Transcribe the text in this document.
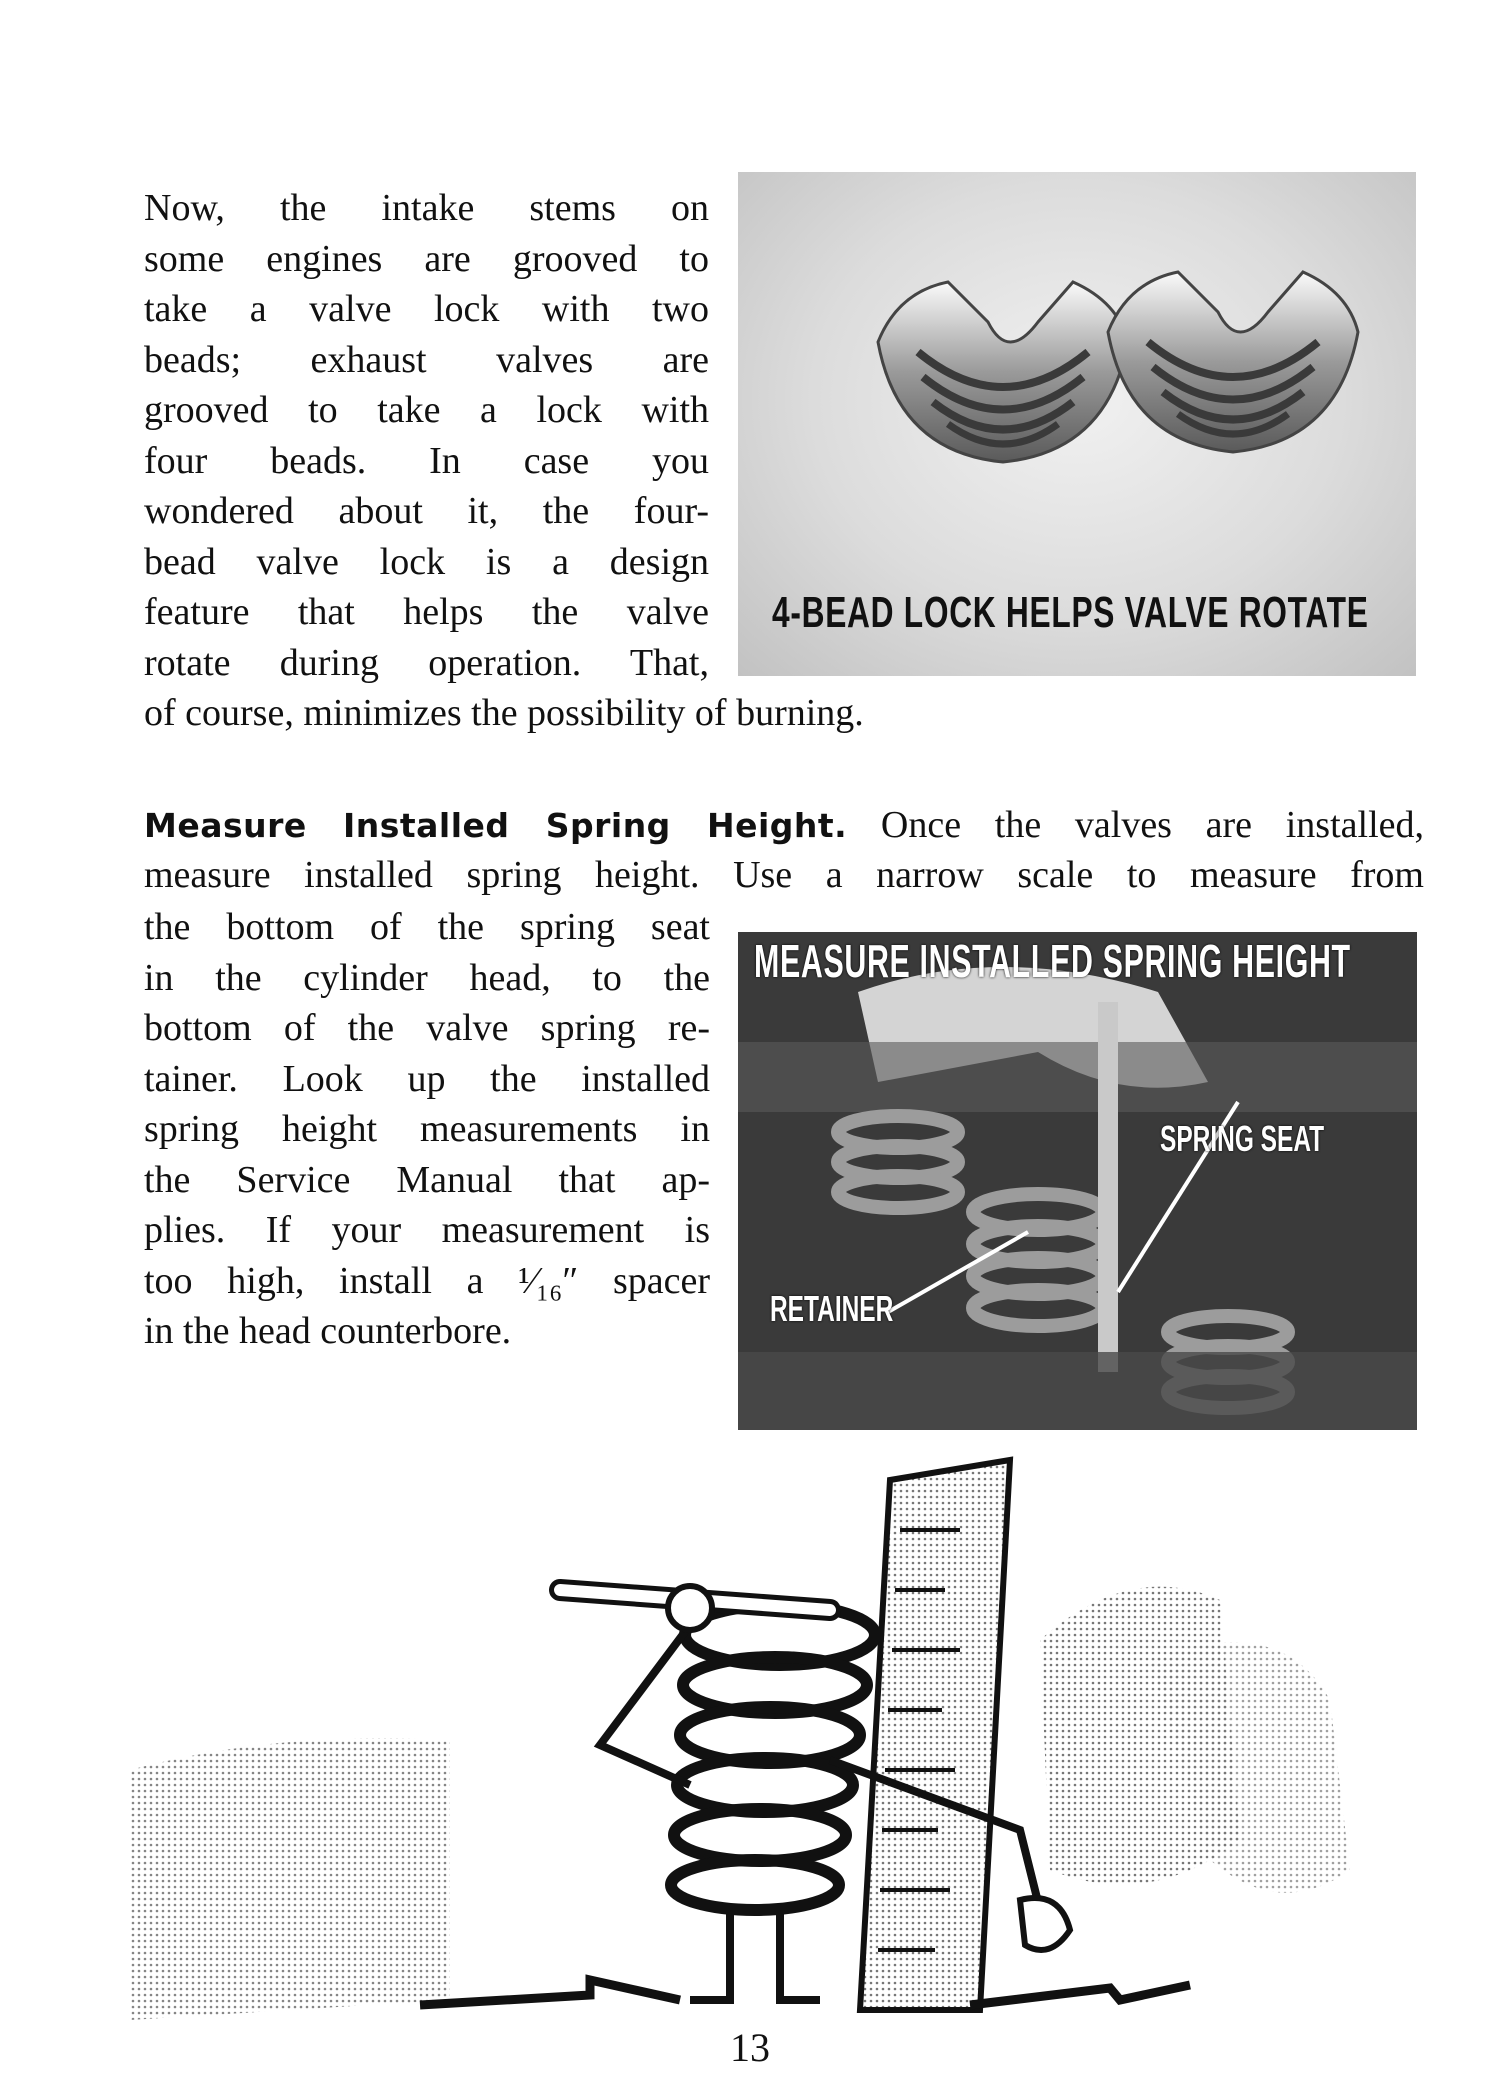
Now, the intake stems on
some engines are grooved to
take a valve lock with two
beads; exhaust valves are
grooved to take a lock with
four beads. In case you
wondered about it, the four-
bead valve lock is a design
feature that helps the valve
rotate during operation. That,
of course, minimizes the possibility of burning.
4-BEAD LOCK HELPS VALVE ROTATE
Measure Installed Spring Height. Once the valves are installed,
measure installed spring height. Use a narrow scale to measure from
the bottom of the spring seat
in the cylinder head, to the
bottom of the valve spring re-
tainer. Look up the installed
spring height measurements in
the Service Manual that ap-
plies. If your measurement is
too high, install a ¹⁄₁₆″ spacer
in the head counterbore.
MEASURE INSTALLED SPRING HEIGHT
SPRING SEAT
RETAINER
13
